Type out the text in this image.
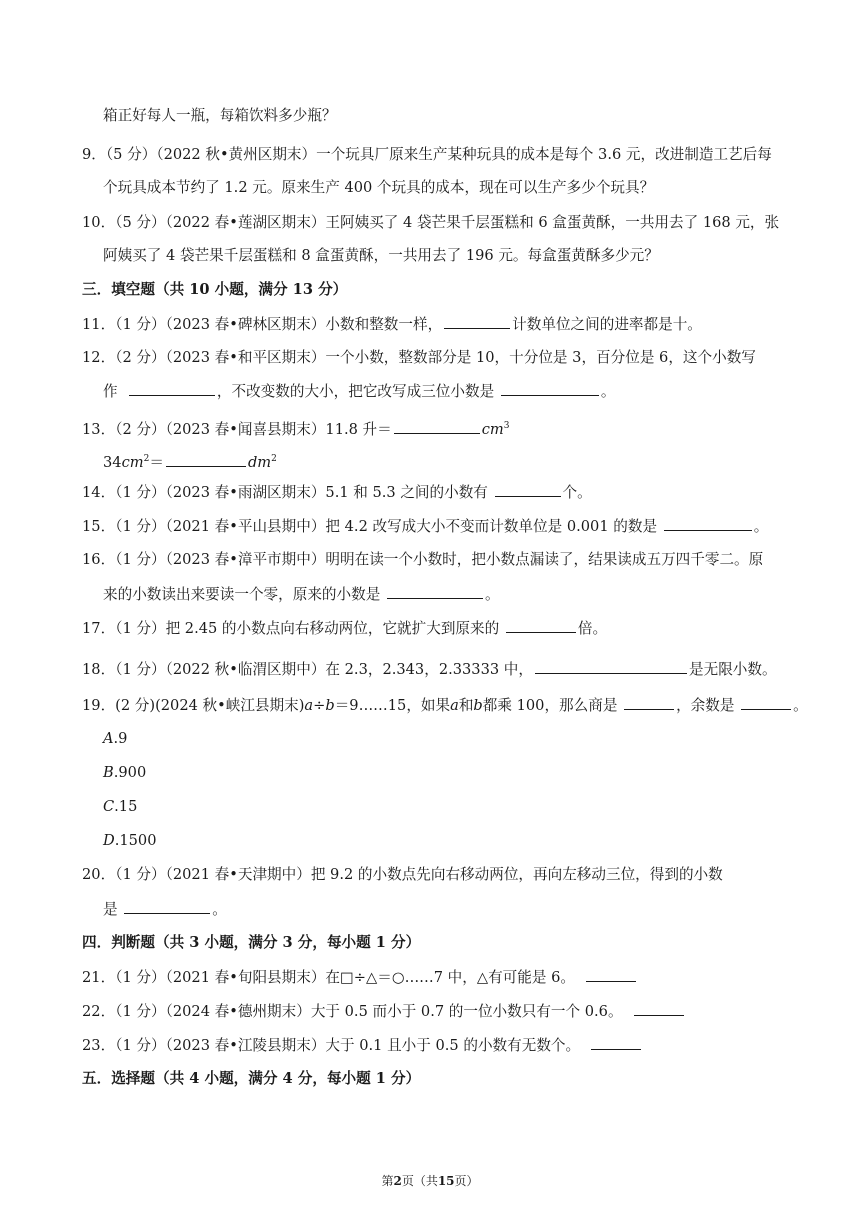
箱正好每人一瓶，每箱饮料多少瓶？
9．（5 分）（2022 秋•黄州区期末）一个玩具厂原来生产某种玩具的成本是每个 3.6 元，改进制造工艺后每
个玩具成本节约了 1.2 元。原来生产 400 个玩具的成本，现在可以生产多少个玩具？
10．（5 分）（2022 春•莲湖区期末）王阿姨买了 4 袋芒果千层蛋糕和 6 盒蛋黄酥，一共用去了 168 元，张
阿姨买了 4 袋芒果千层蛋糕和 8 盒蛋黄酥，一共用去了 196 元。每盒蛋黄酥多少元？
三．填空题（共 10 小题，满分 13 分）
11．（1 分）（2023 春•碑林区期末）小数和整数一样，	计数单位之间的进率都是十。
12．（2 分）（2023 春•和平区期末）一个小数，整数部分是 10，十分位是 3，百分位是 6，这个小数写
作	，不改变数的大小，把它改写成三位小数是	。
13．（2 分）（2023 春•闻喜县期末）11.8 升＝	$cm^3$
$34cm^2=$	$dm^2$
14．（1 分）（2023 春•雨湖区期末）5.1 和 5.3 之间的小数有	个。
15．（1 分）（2021 春•平山县期中）把 4.2 改写成大小不变而计数单位是 0.001 的数是	。
16．（1 分）（2023 春•漳平市期中）明明在读一个小数时，把小数点漏读了，结果读成五万四千零二。原
来的小数读出来要读一个零，原来的小数是	。
17．（1 分）把 2.45 的小数点向右移动两位，它就扩大到原来的	倍。
18．（1 分）（2022 秋•临渭区期中）在 2.3，2.343，2.33333 中，	是无限小数。
19．(2 分)(2024 秋•峡江县期末)a÷b＝9……15，如果a和b都乘 100，那么商是	，余数是	。
A.9
B.900
C.15
D.1500
20．（1 分）（2021 春•天津期中）把 9.2 的小数点先向右移动两位，再向左移动三位，得到的小数
是	。
四．判断题（共 3 小题，满分 3 分，每小题 1 分）
21．（1 分）（2021 春•旬阳县期末）在□÷△＝○……7 中，△有可能是 6。
22．（1 分）（2024 春•德州期末）大于 0.5 而小于 0.7 的一位小数只有一个 0.6。
23．（1 分）（2023 春•江陵县期末）大于 0.1 且小于 0.5 的小数有无数个。
五．选择题（共 4 小题，满分 4 分，每小题 1 分）
第2页（共15页）
